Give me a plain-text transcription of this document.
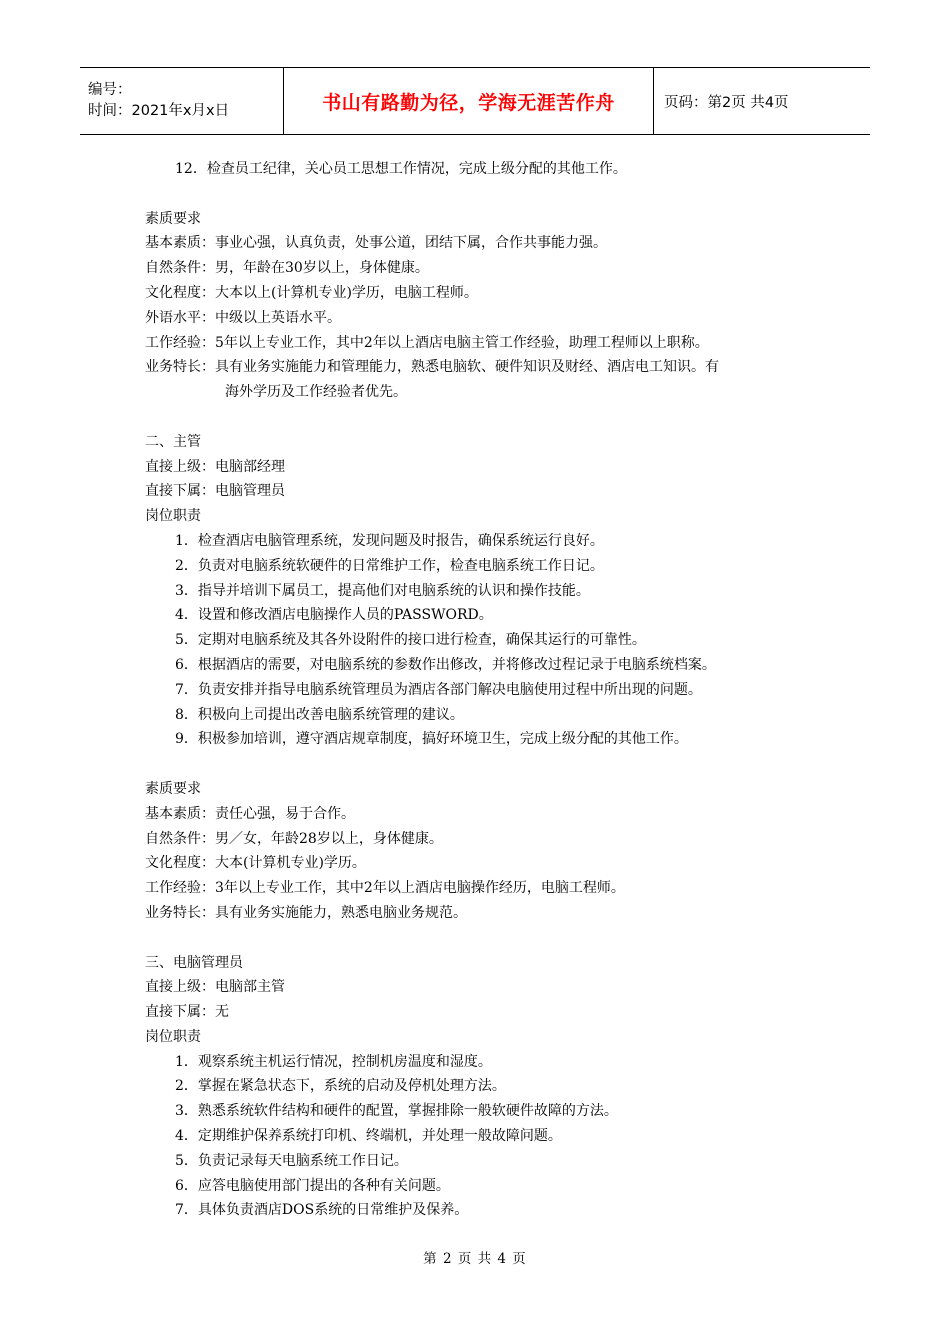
编号：
时间：2021年x月x日	书山有路勤为径，学海无涯苦作舟	页码：第2页 共4页
12．检查员工纪律，关心员工思想工作情况，完成上级分配的其他工作。
素质要求
基本素质：事业心强，认真负责，处事公道，团结下属，合作共事能力强。
自然条件：男，年龄在30岁以上，身体健康。
文化程度：大本以上(计算机专业)学历，电脑工程师。
外语水平：中级以上英语水平。
工作经验：5年以上专业工作，其中2年以上酒店电脑主管工作经验，助理工程师以上职称。
业务特长：具有业务实施能力和管理能力，熟悉电脑软、硬件知识及财经、酒店电工知识。有
海外学历及工作经验者优先。
二、主管
直接上级：电脑部经理
直接下属：电脑管理员
岗位职责
1．检查酒店电脑管理系统，发现问题及时报告，确保系统运行良好。
2．负责对电脑系统软硬件的日常维护工作，检查电脑系统工作日记。
3．指导并培训下属员工，提高他们对电脑系统的认识和操作技能。
4．设置和修改酒店电脑操作人员的PASSWORD。
5．定期对电脑系统及其各外设附件的接口进行检查，确保其运行的可靠性。
6．根据酒店的需要，对电脑系统的参数作出修改，并将修改过程记录于电脑系统档案。
7．负责安排并指导电脑系统管理员为酒店各部门解决电脑使用过程中所出现的问题。
8．积极向上司提出改善电脑系统管理的建议。
9．积极参加培训，遵守酒店规章制度，搞好环境卫生，完成上级分配的其他工作。
素质要求
基本素质：责任心强，易于合作。
自然条件：男／女，年龄28岁以上，身体健康。
文化程度：大本(计算机专业)学历。
工作经验：3年以上专业工作，其中2年以上酒店电脑操作经历，电脑工程师。
业务特长：具有业务实施能力，熟悉电脑业务规范。
三、电脑管理员
直接上级：电脑部主管
直接下属：无
岗位职责
1．观察系统主机运行情况，控制机房温度和湿度。
2．掌握在紧急状态下，系统的启动及停机处理方法。
3．熟悉系统软件结构和硬件的配置，掌握排除一般软硬件故障的方法。
4．定期维护保养系统打印机、终端机，并处理一般故障问题。
5．负责记录每天电脑系统工作日记。
6．应答电脑使用部门提出的各种有关问题。
7．具体负责酒店DOS系统的日常维护及保养。
第 2 页 共 4 页
